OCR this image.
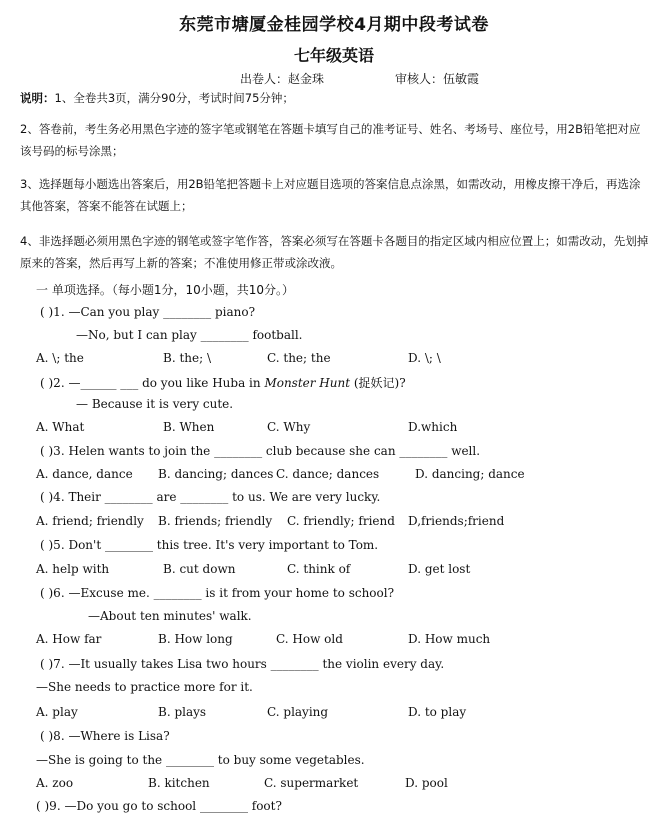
东莞市塘厦金桂园学校4月期中段考试卷
七年级英语
出卷人：赵金珠	审核人：伍敏霞
说明：1、全卷共3页，满分90分，考试时间75分钟；
2、答卷前，考生务必用黑色字迹的签字笔或钢笔在答题卡填写自己的准考证号、姓名、考场号、座位号，用2B铅笔把对应该号码的标号涂黑；
3、选择题每小题选出答案后，用2B铅笔把答题卡上对应题目选项的答案信息点涂黑，如需改动，用橡皮擦干净后，再选涂其他答案，答案不能答在试题上；
4、非选择题必须用黑色字迹的钢笔或签字笔作答，答案必须写在答题卡各题目的指定区域内相应位置上；如需改动，先划掉原来的答案，然后再写上新的答案；不准使用修正带或涂改液。
一 单项选择。（每小题1分，10小题，共10分。）
( )1. —Can you play ________ piano?
—No, but I can play ________ football.
A. \; the	B. the; \	C. the; the	D. \; \
( )2. —______ ___ do you like Huba in Monster Hunt (捉妖记)?
— Because it is very cute.
A. What	B. When	C. Why	D.which
( )3. Helen wants to join the ________ club because she can ________ well.
A. dance, dance B. dancing; dances C. dance; dances	D. dancing; dance
( )4. Their ________ are ________ to us. We are very lucky.
A. friend; friendly B. friends; friendly C. friendly; friend D,friends;friend
( )5. Don't ________ this tree. It's very important to Tom.
A. help with	B. cut down	C. think of	D. get lost
( )6. —Excuse me. ________ is it from your home to school?
—About ten minutes' walk.
A. How far	B. How long	C. How old	D. How much
( )7. —It usually takes Lisa two hours ________ the violin every day.
—She needs to practice more for it.
A. play	B. plays	C. playing	D. to play
( )8. —Where is Lisa?
—She is going to the ________ to buy some vegetables.
A. zoo	B. kitchen	C. supermarket	D. pool
( )9. —Do you go to school ________ foot?
